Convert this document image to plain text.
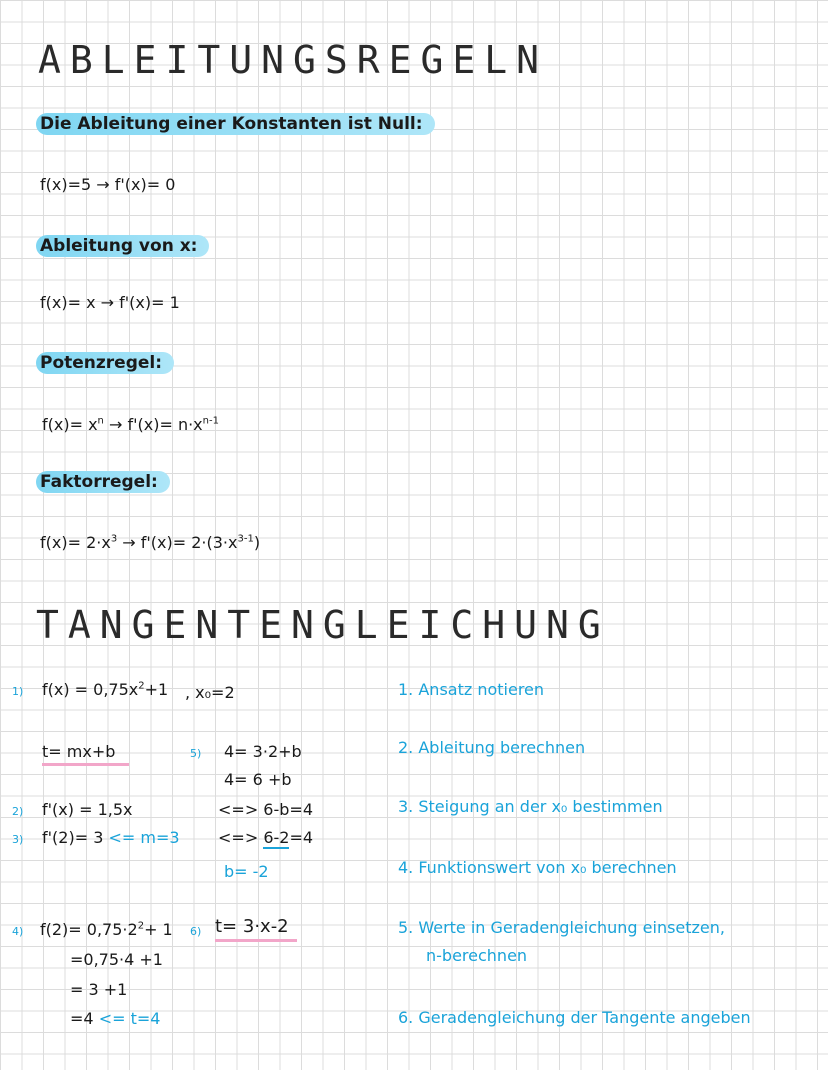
ABLEITUNGSREGELN
Die Ableitung einer Konstanten ist Null:
f(x)=5 → f'(x)= 0
Ableitung von x:
f(x)= x → f'(x)= 1
Potenzregel:
$f(x)= x^n \to f'(x)= n\cdot x^{n-1}$
Faktorregel:
$f(x)= 2\cdot x^3 \to f'(x)= 2\cdot(3\cdot x^{3-1})$
TANGENTENGLEICHUNG
1) $f(x) = 0,75x^2+1$ , x₀=2
t= mx+b
2) f'(x) = 1,5x
3) f'(2)= 3 <= m=3
5) 4= 3·2+b
4= 6 +b
<=> 6-b=4
<=> 6-2=4
b= -2
4) $f(2)= 0,75\cdot 2^2+ 1$
=0,75·4 +1
= 3 +1
=4 <= t=4
6) t= 3·x-2
1. Ansatz notieren
2. Ableitung berechnen
3. Steigung an der x₀ bestimmen
4. Funktionswert von x₀ berechnen
5. Werte in Geradengleichung einsetzen,
n-berechnen
6. Geradengleichung der Tangente angeben
